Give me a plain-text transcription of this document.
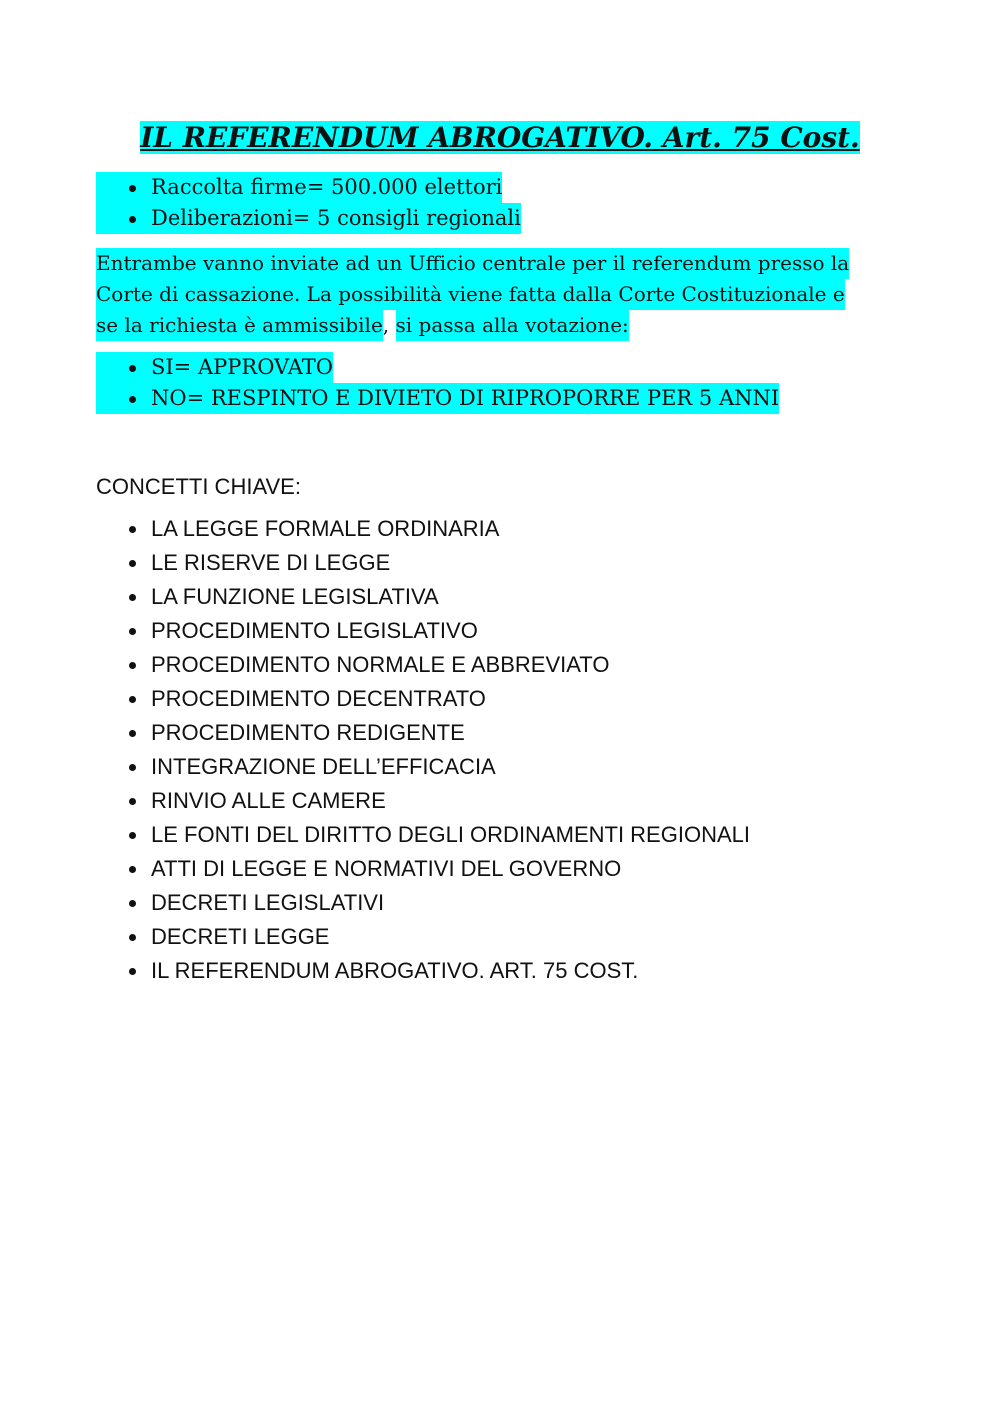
IL REFERENDUM ABROGATIVO. Art. 75 Cost.
Raccolta firme= 500.000 elettori
Deliberazioni= 5 consigli regionali

Entrambe vanno inviate ad un Ufficio centrale per il referendum presso la
Corte di cassazione. La possibilità viene fatta dalla Corte Costituzionale e
se la richiesta è ammissibile, si passa alla votazione:

SI= APPROVATO
NO= RESPINTO E DIVIETO DI RIPROPORRE PER 5 ANNI

CONCETTI CHIAVE:

LA LEGGE FORMALE ORDINARIA
LE RISERVE DI LEGGE
LA FUNZIONE LEGISLATIVA
PROCEDIMENTO LEGISLATIVO
PROCEDIMENTO NORMALE E ABBREVIATO
PROCEDIMENTO DECENTRATO
PROCEDIMENTO REDIGENTE
INTEGRAZIONE DELL’EFFICACIA
RINVIO ALLE CAMERE
LE FONTI DEL DIRITTO DEGLI ORDINAMENTI REGIONALI
ATTI DI LEGGE E NORMATIVI DEL GOVERNO
DECRETI LEGISLATIVI
DECRETI LEGGE
IL REFERENDUM ABROGATIVO. ART. 75 COST.
